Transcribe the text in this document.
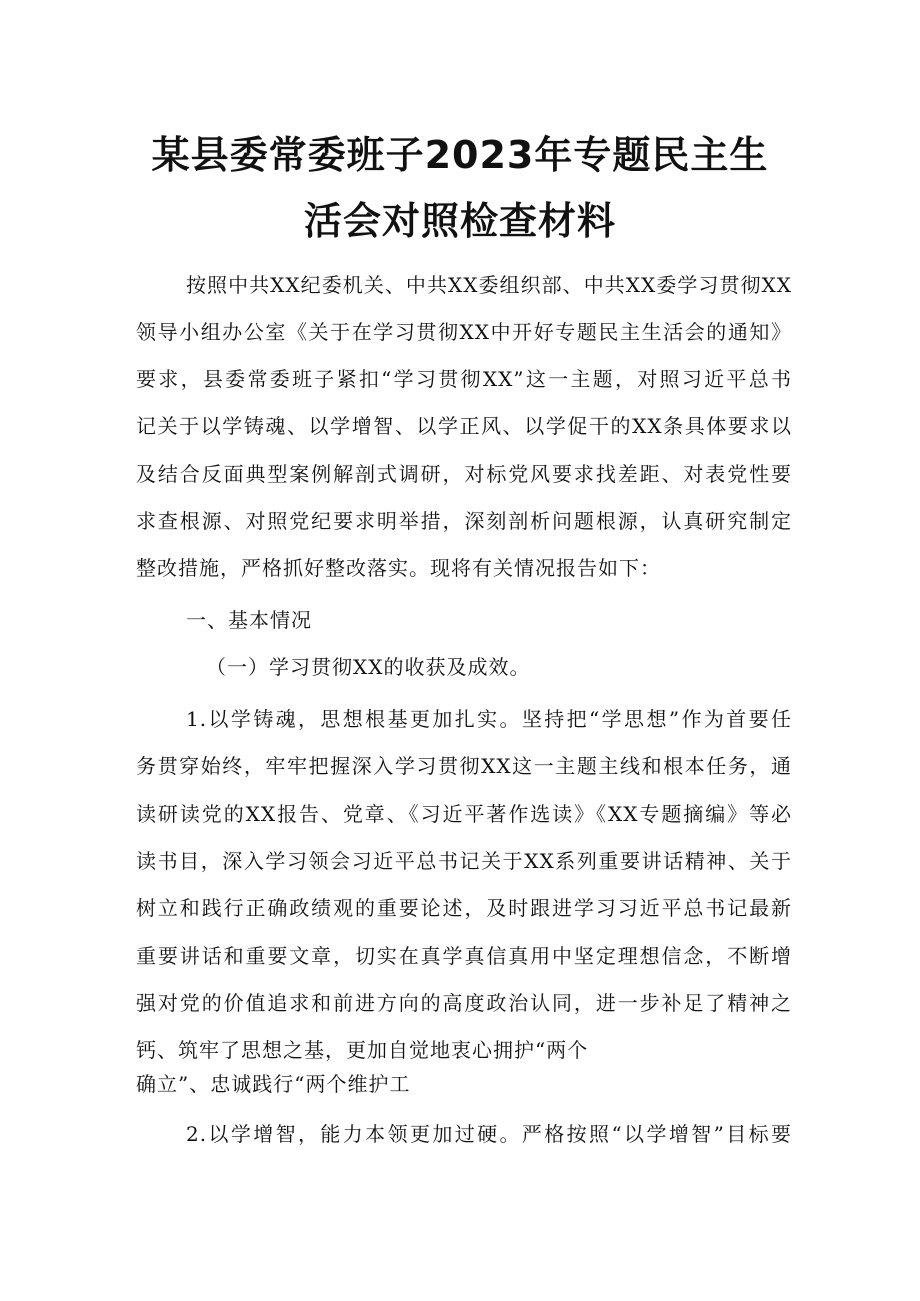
某县委常委班子2023年专题民主生
活会对照检查材料
按照中共XX纪委机关、中共XX委组织部、中共XX委学习贯彻XX
领导小组办公室《关于在学习贯彻XX中开好专题民主生活会的通知》
要求，县委常委班子紧扣“学习贯彻XX”这一主题，对照习近平总书
记关于以学铸魂、以学增智、以学正风、以学促干的XX条具体要求以
及结合反面典型案例解剖式调研，对标党风要求找差距、对表党性要
求查根源、对照党纪要求明举措，深刻剖析问题根源，认真研究制定
整改措施，严格抓好整改落实。现将有关情况报告如下：
一、基本情况
（一）学习贯彻XX的收获及成效。
1.以学铸魂，思想根基更加扎实。坚持把“学思想”作为首要任
务贯穿始终，牢牢把握深入学习贯彻XX这一主题主线和根本任务，通
读研读党的XX报告、党章、《习近平著作选读》《XX专题摘编》等必
读书目，深入学习领会习近平总书记关于XX系列重要讲话精神、关于
树立和践行正确政绩观的重要论述，及时跟进学习习近平总书记最新
重要讲话和重要文章，切实在真学真信真用中坚定理想信念，不断增
强对党的价值追求和前进方向的高度政治认同，进一步补足了精神之
钙、筑牢了思想之基，更加自觉地衷心拥护“两个
确立”、忠诚践行“两个维护工
2.以学增智，能力本领更加过硬。严格按照“以学增智”目标要
